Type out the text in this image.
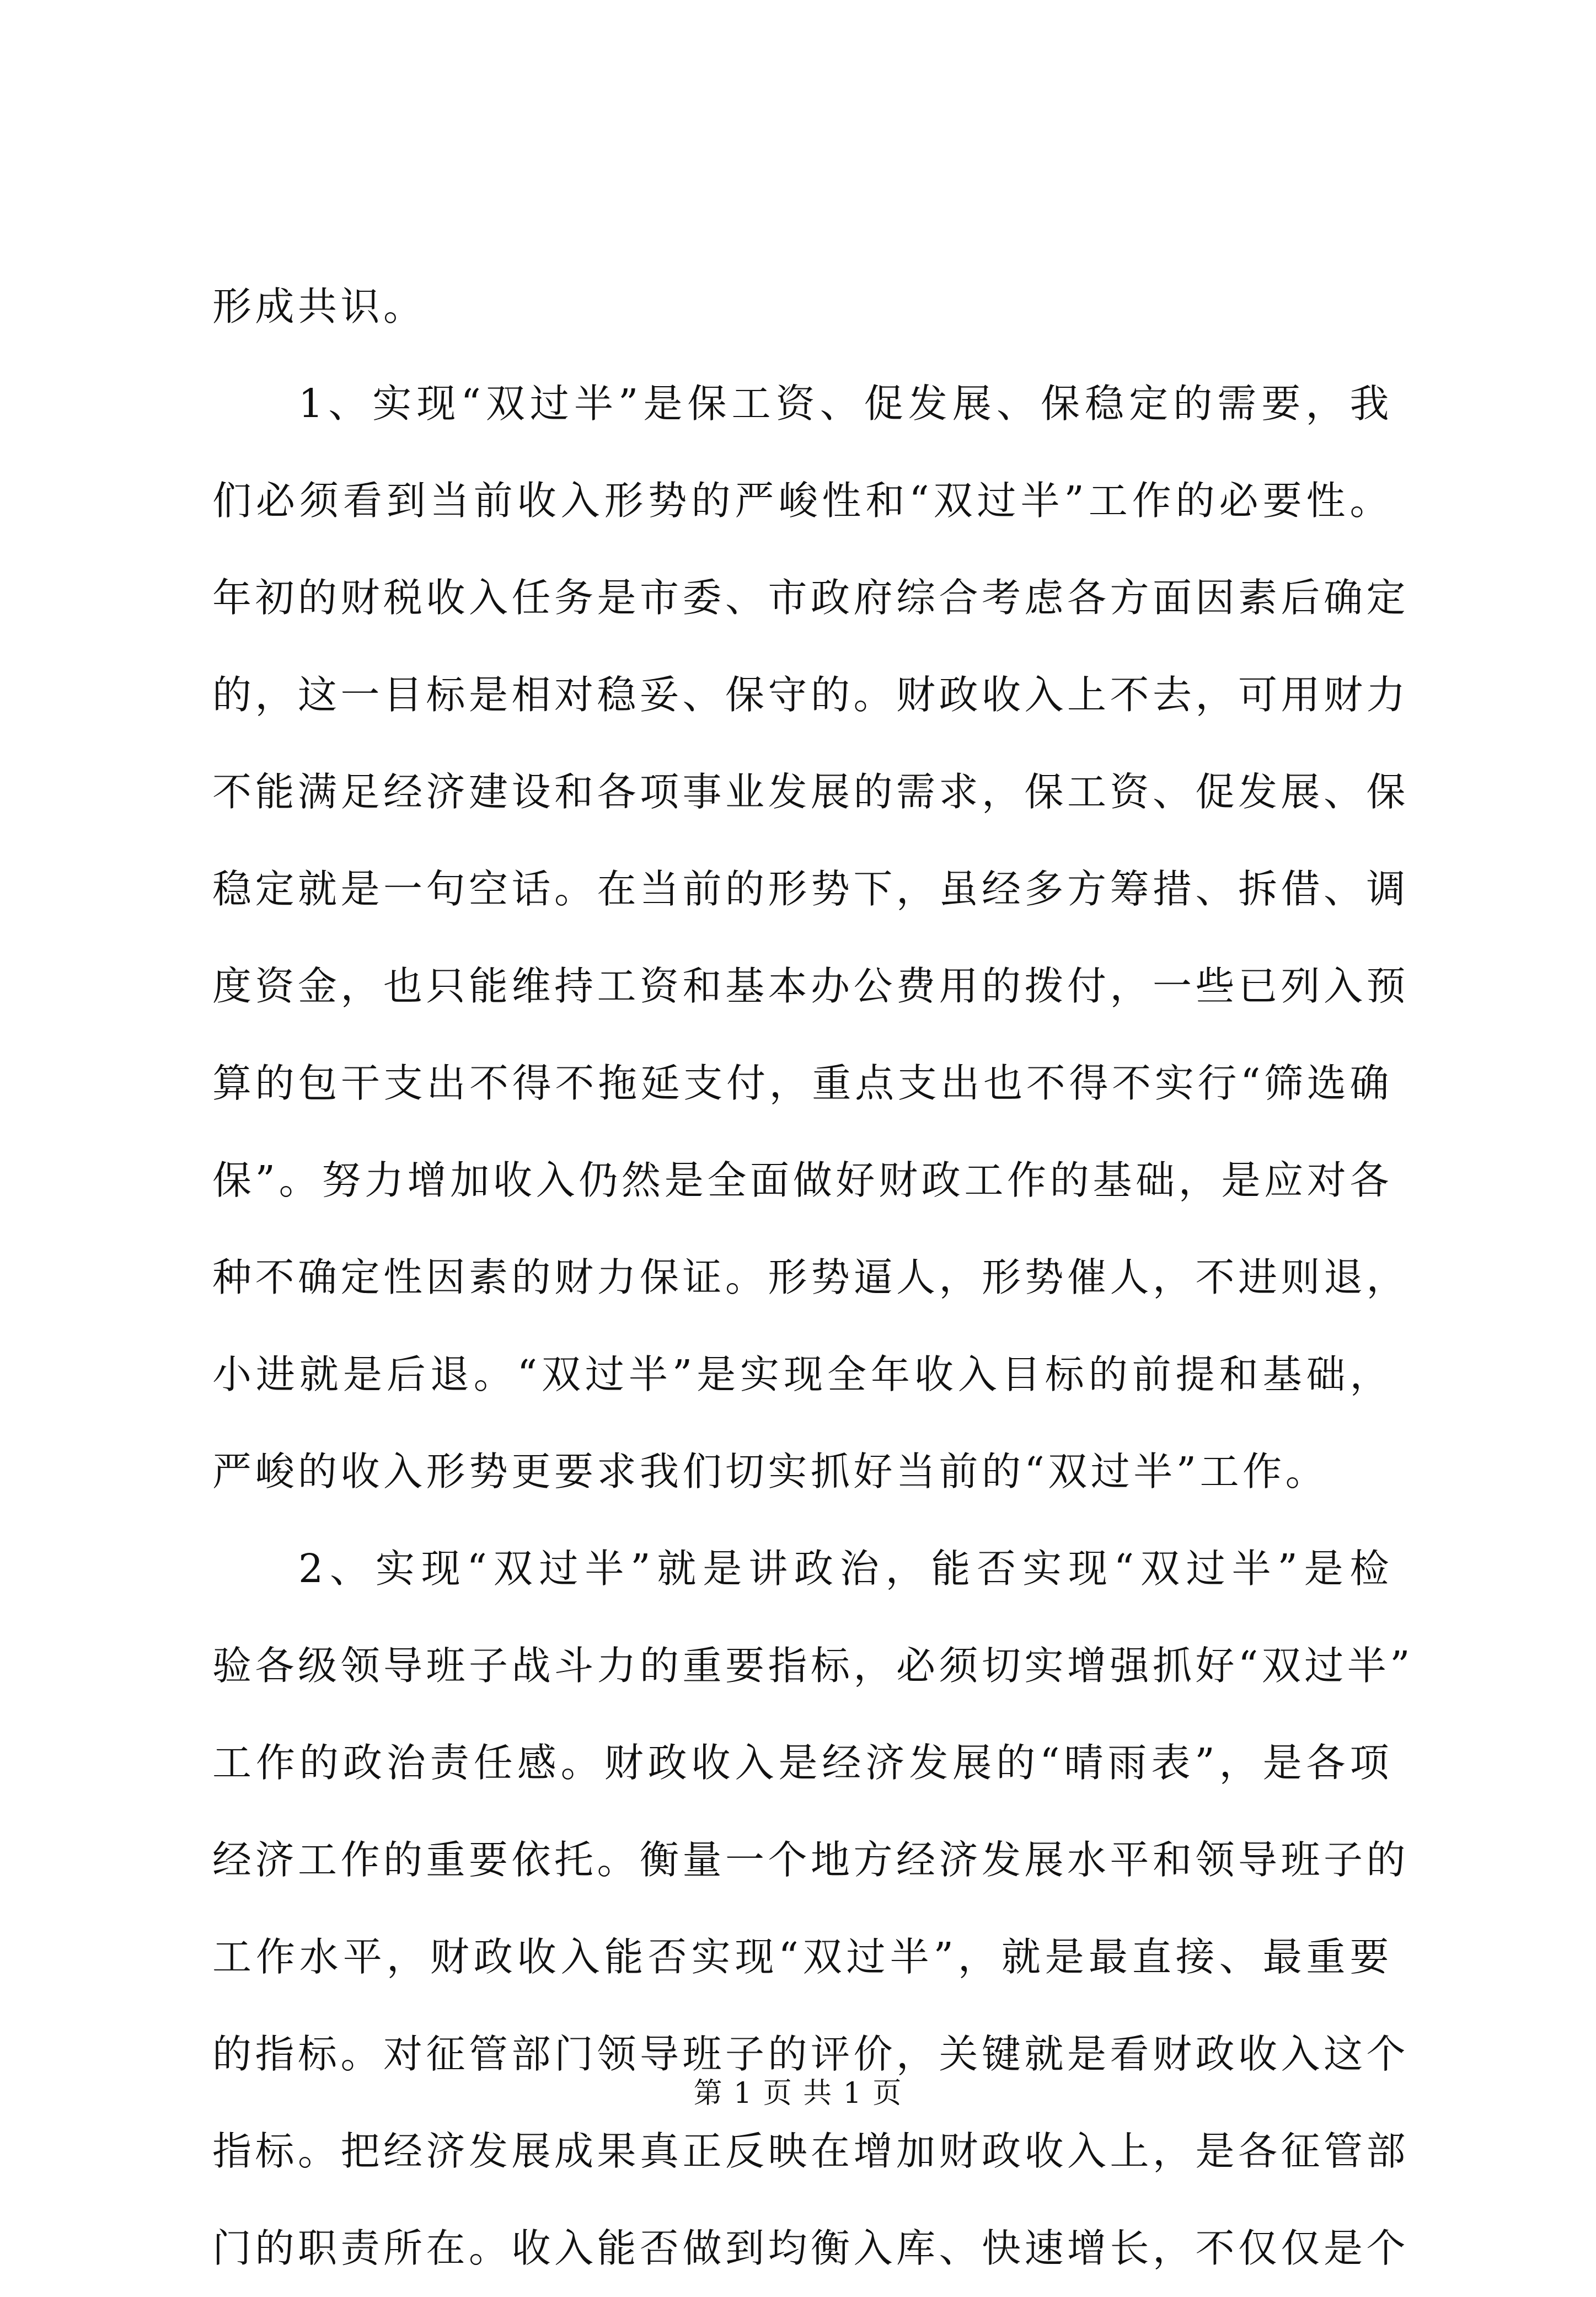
形成共识。
1、实现“双过半”是保工资、促发展、保稳定的需要，我
们必须看到当前收入形势的严峻性和“双过半”工作的必要性。
年初的财税收入任务是市委、市政府综合考虑各方面因素后确定
的，这一目标是相对稳妥、保守的。财政收入上不去，可用财力
不能满足经济建设和各项事业发展的需求，保工资、促发展、保
稳定就是一句空话。在当前的形势下，虽经多方筹措、拆借、调
度资金，也只能维持工资和基本办公费用的拨付，一些已列入预
算的包干支出不得不拖延支付，重点支出也不得不实行“筛选确
保”。努力增加收入仍然是全面做好财政工作的基础，是应对各
种不确定性因素的财力保证。形势逼人，形势催人，不进则退，
小进就是后退。“双过半”是实现全年收入目标的前提和基础，
严峻的收入形势更要求我们切实抓好当前的“双过半”工作。
2、实现“双过半”就是讲政治，能否实现“双过半”是检
验各级领导班子战斗力的重要指标，必须切实增强抓好“双过半”
工作的政治责任感。财政收入是经济发展的“晴雨表”，是各项
经济工作的重要依托。衡量一个地方经济发展水平和领导班子的
工作水平，财政收入能否实现“双过半”，就是最直接、最重要
的指标。对征管部门领导班子的评价，关键就是看财政收入这个
指标。把经济发展成果真正反映在增加财政收入上，是各征管部
门的职责所在。收入能否做到均衡入库、快速增长，不仅仅是个
第 1 页 共 1 页
